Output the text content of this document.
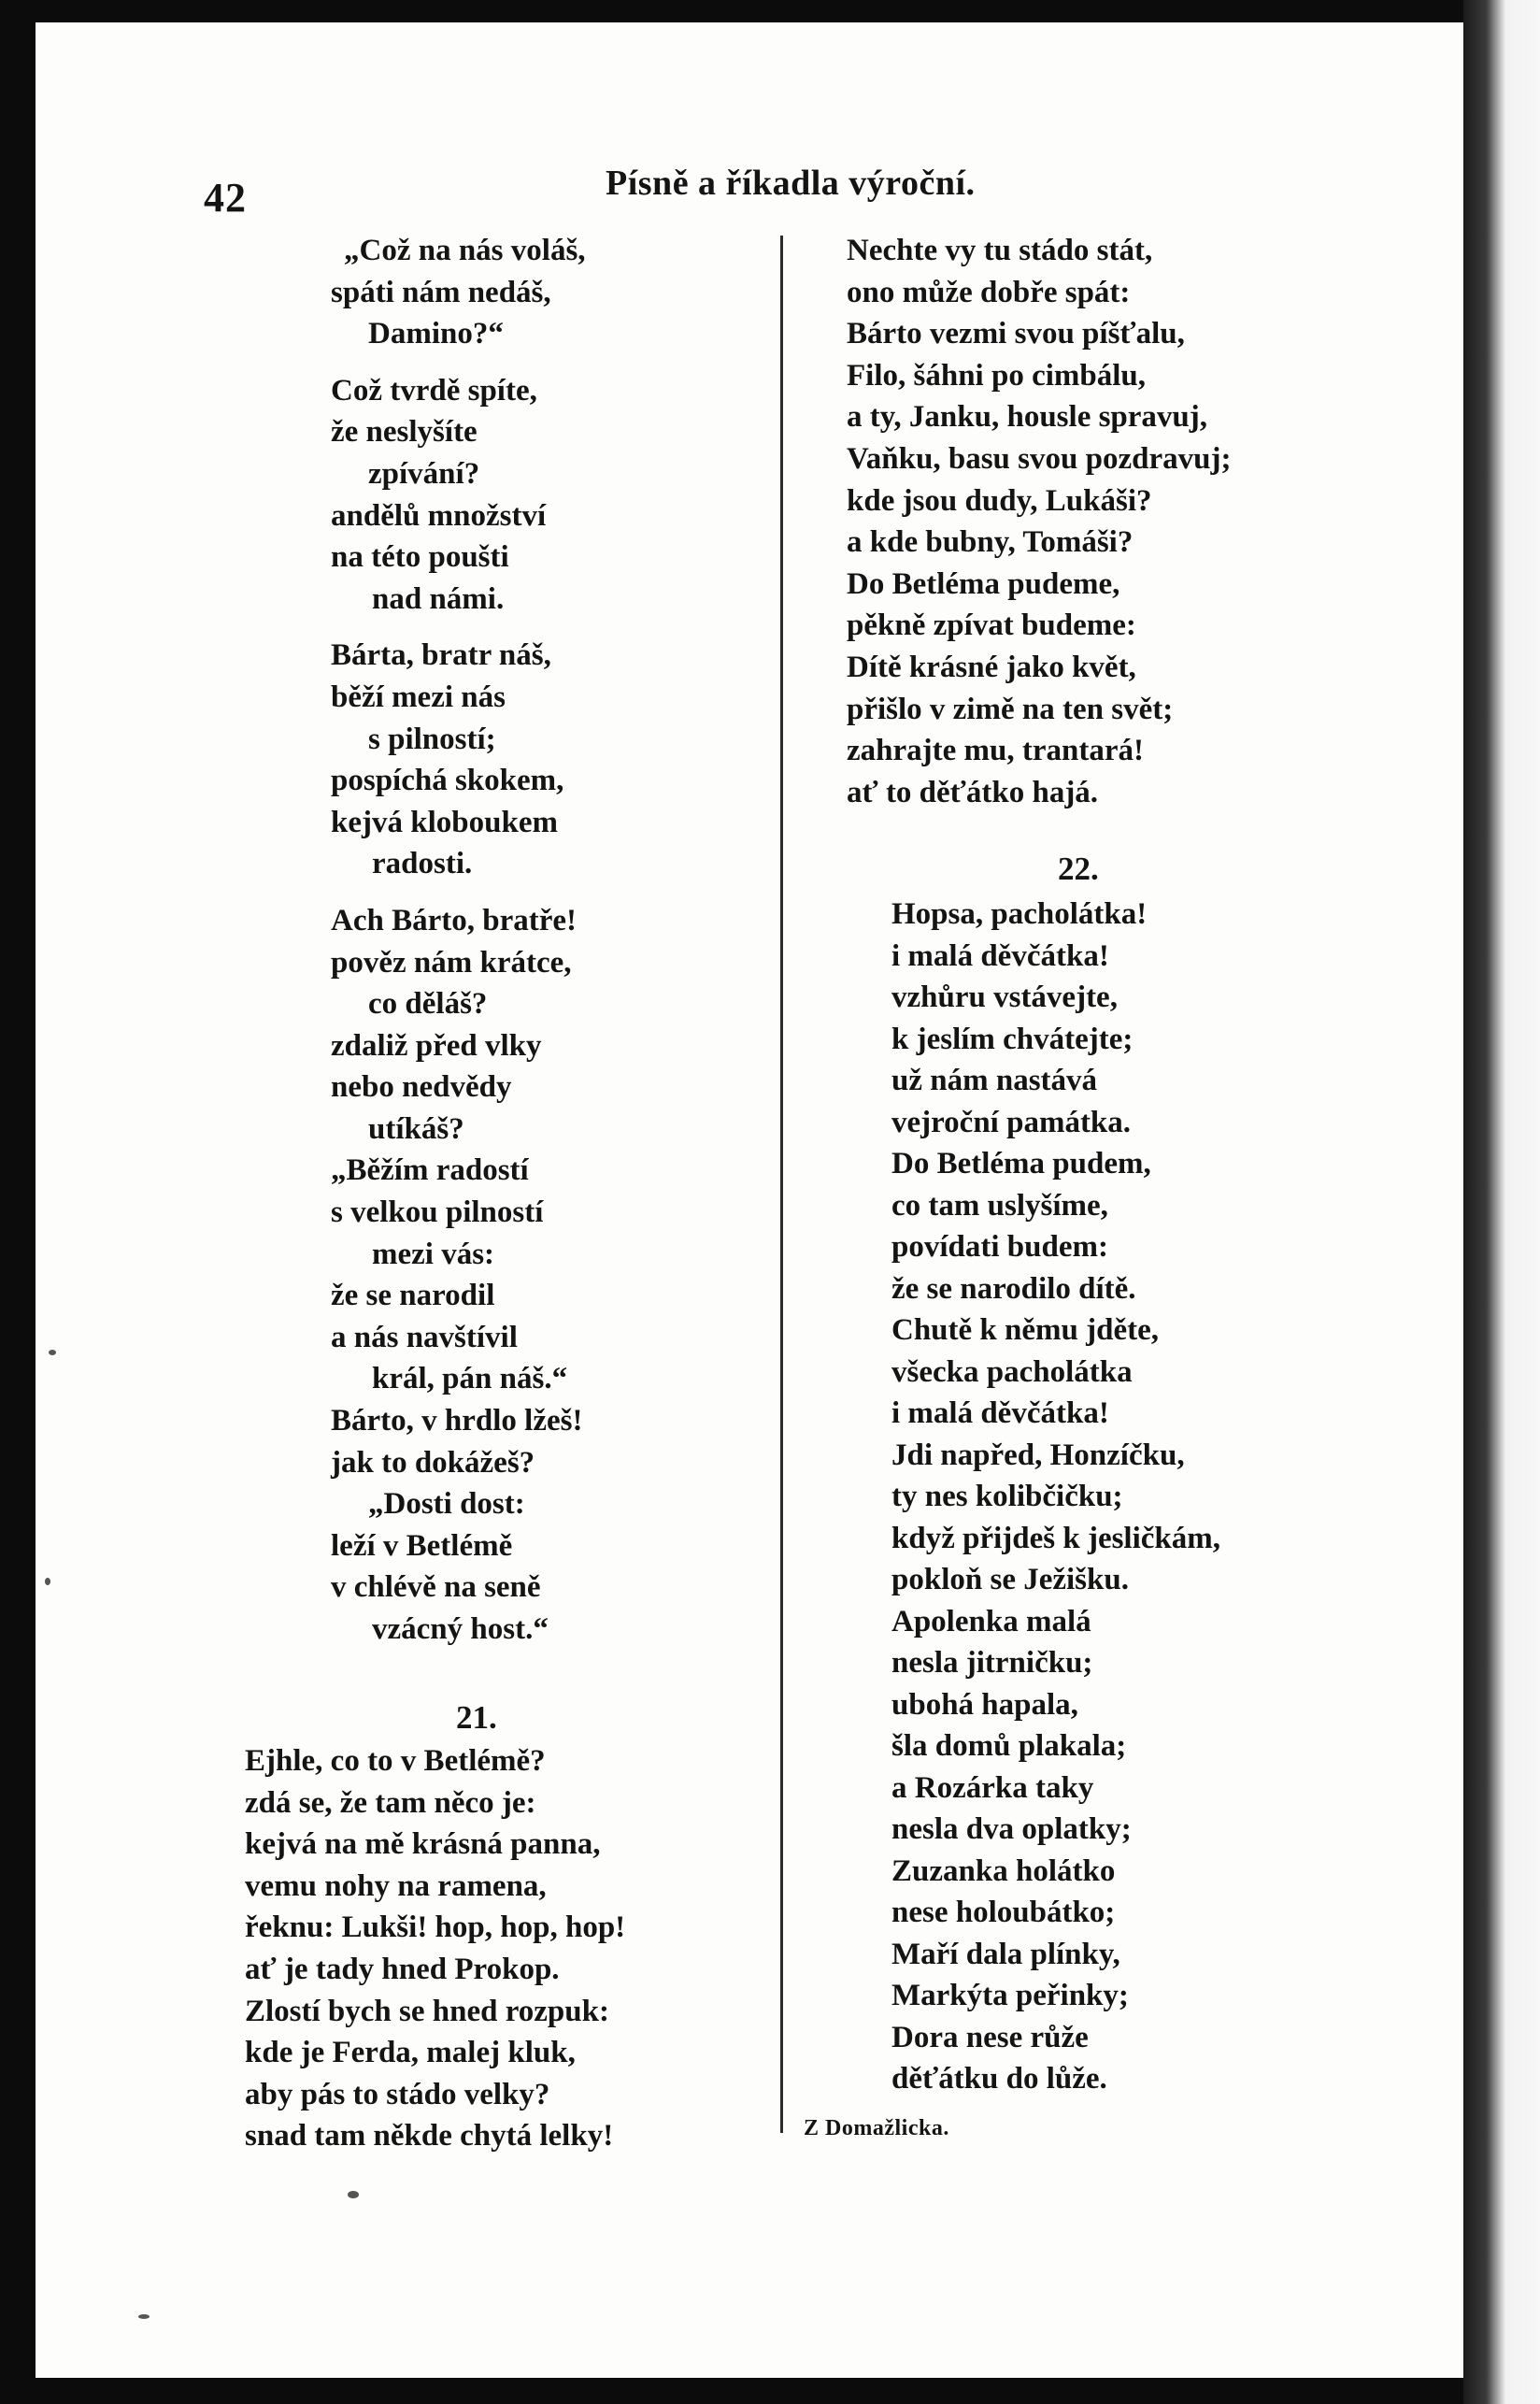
42	Písně a říkadla výroční.
„Což na nás voláš,
spáti nám nedáš,
Damino?“
Což tvrdě spíte,
že neslyšíte
zpívání?
andělů množství
na této poušti
nad námi.
Bárta, bratr náš,
běží mezi nás
s pilností;
pospíchá skokem,
kejvá kloboukem
radosti.
Ach Bárto, bratře!
pověz nám krátce,
co děláš?
zdaliž před vlky
nebo nedvědy
utíkáš?
„Běžím radostí
s velkou pilností
mezi vás:
že se narodil
a nás navštívil
král, pán náš.“
Bárto, v hrdlo lžeš!
jak to dokážeš?
„Dosti dost:
leží v Betlémě
v chlévě na seně
vzácný host.“
21.
Ejhle, co to v Betlémě?
zdá se, že tam něco je:
kejvá na mě krásná panna,
vemu nohy na ramena,
řeknu: Lukši! hop, hop, hop!
ať je tady hned Prokop.
Zlostí bych se hned rozpuk:
kde je Ferda, malej kluk,
aby pás to stádo velky?
snad tam někde chytá lelky!
Nechte vy tu stádo stát,
ono může dobře spát:
Bárto vezmi svou píšťalu,
Filo, šáhni po cimbálu,
a ty, Janku, housle spravuj,
Vaňku, basu svou pozdravuj;
kde jsou dudy, Lukáši?
a kde bubny, Tomáši?
Do Betléma pudeme,
pěkně zpívat budeme:
Dítě krásné jako květ,
přišlo v zimě na ten svět;
zahrajte mu, trantará!
ať to děťátko hajá.
22.
Hopsa, pacholátka!
i malá děvčátka!
vzhůru vstávejte,
k jeslím chvátejte;
už nám nastává
vejroční památka.
Do Betléma pudem,
co tam uslyšíme,
povídati budem:
že se narodilo dítě.
Chutě k němu jděte,
všecka pacholátka
i malá děvčátka!
Jdi napřed, Honzíčku,
ty nes kolibčičku;
když přijdeš k jesličkám,
pokloň se Ježišku.
Apolenka malá
nesla jitrničku;
ubohá hapala,
šla domů plakala;
a Rozárka taky
nesla dva oplatky;
Zuzanka holátko
nese holoubátko;
Maří dala plínky,
Markýta peřinky;
Dora nese růže
děťátku do lůže.
Z Domažlicka.
